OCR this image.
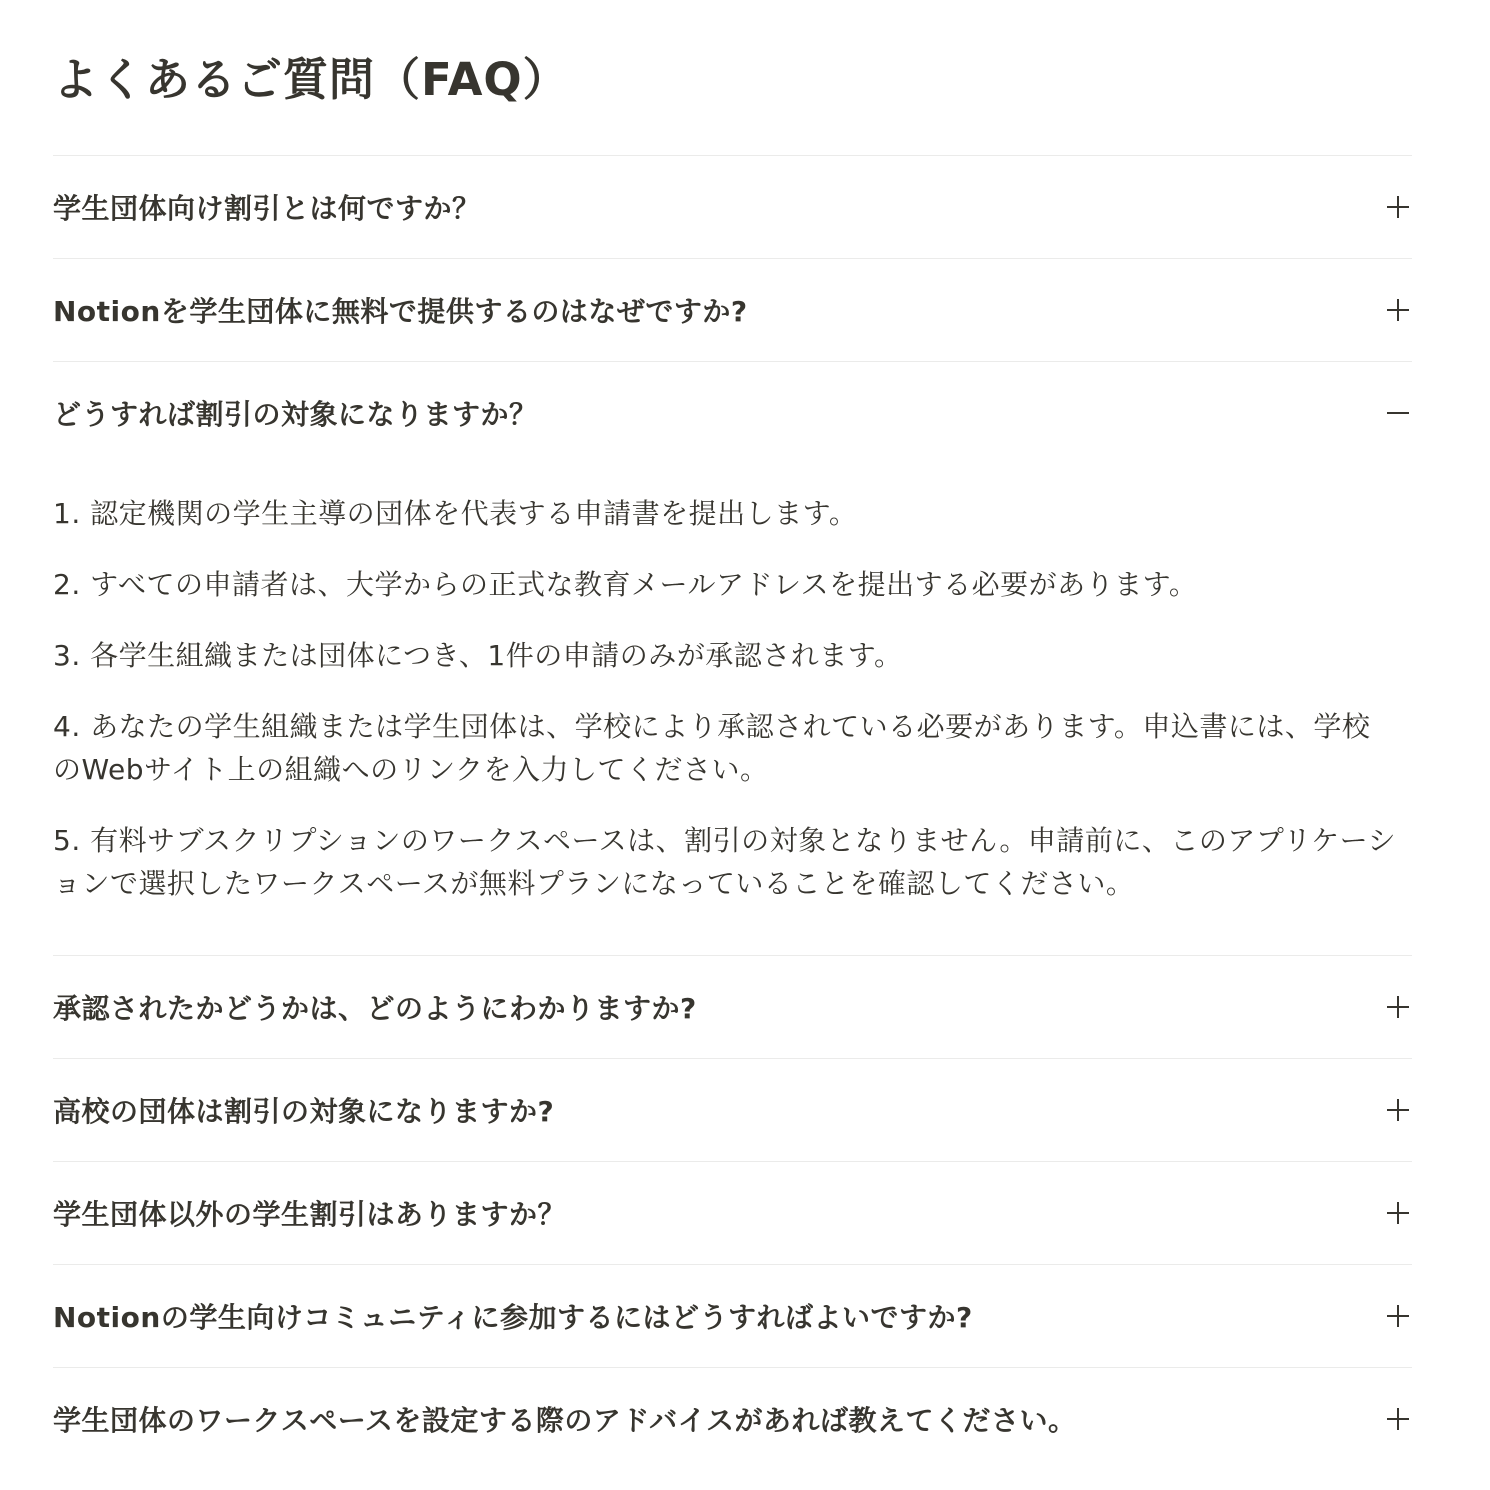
よくあるご質問（FAQ）
学生団体向け割引とは何ですか？
Notionを学生団体に無料で提供するのはなぜですか?
どうすれば割引の対象になりますか？

1. 認定機関の学生主導の団体を代表する申請書を提出します。

2. すべての申請者は、大学からの正式な教育メールアドレスを提出する必要があります。

3. 各学生組織または団体につき、1件の申請のみが承認されます。

4. あなたの学生組織または学生団体は、学校により承認されている必要があります。申込書には、学校のWebサイト上の組織へのリンクを入力してください。

5. 有料サブスクリプションのワークスペースは、割引の対象となりません。申請前に、このアプリケーションで選択したワークスペースが無料プランになっていることを確認してください。

承認されたかどうかは、どのようにわかりますか?
高校の団体は割引の対象になりますか?
学生団体以外の学生割引はありますか？
Notionの学生向けコミュニティに参加するにはどうすればよいですか?
学生団体のワークスペースを設定する際のアドバイスがあれば教えてください。
